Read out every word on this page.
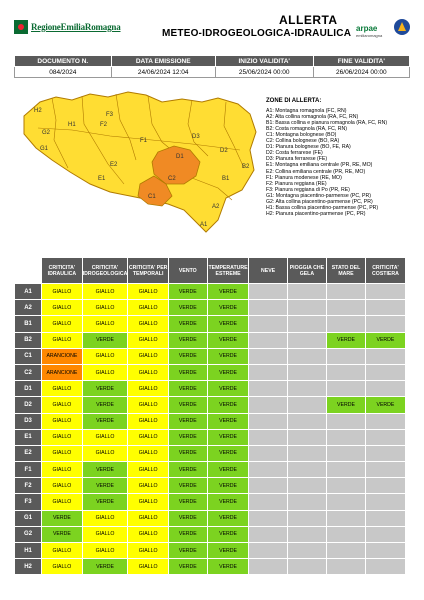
RegioneEmiliaRomagna	ALLERTA
METEO-IDROGEOLOGICA-IDRAULICA arpae
emiliaromagna
DOCUMENTO N.	DATA EMISSIONE	INIZIO VALIDITA'	FINE VALIDITA'
084/2024	24/06/2024 12:04	25/06/2024 00:00	26/06/2024 00:00
H2
H1
G2
G1
F1
F2
F3
E1
E2
D1
D2
D3
C1
C2	B1
B2
A1
A2
ZONE DI ALLERTA:
A1: Montagna romagnola (FC, RN)
A2: Alta collina romagnola (RA, FC, RN)
B1: Bassa collina e pianura romagnola (RA, FC, RN)
B2: Costa romagnola (RA, FC, RN)
C1: Montagna bolognese (BO)
C2: Collina bolognese (BO, RA)
D1: Pianura bolognese (BO, FE, RA)
D2: Costa ferrarese (FE)
D3: Pianura ferrarese (FE)
E1: Montagna emiliana centrale (PR, RE, MO)
E2: Collina emiliana centrale (PR, RE, MO)
F1: Pianura modenese (RE, MO)
F2: Pianura reggiana (RE)
F3: Pianura reggiana di Po (PR, RE)
G1: Montagna piacentino-parmense (PC, PR)
G2: Alta collina piacentino-parmense (PC, PR)
H1: Bassa collina piacentino-parmense (PC, PR)
H2: Pianura piacentino-parmense (PC, PR)
	CRITICITA' IDRAULICA	CRITICITA' IDROGEOLOGICA	CRITICITA' PER TEMPORALI	VENTO	TEMPERATURE ESTREME	NEVE	PIOGGIA CHE GELA	STATO DEL MARE	CRITICITA' COSTIERA
A1	GIALLO	GIALLO	GIALLO	VERDE	VERDE				
A2	GIALLO	GIALLO	GIALLO	VERDE	VERDE				
B1	GIALLO	GIALLO	GIALLO	VERDE	VERDE				
B2	GIALLO	VERDE	GIALLO	VERDE	VERDE			VERDE	VERDE
C1	ARANCIONE	GIALLO	GIALLO	VERDE	VERDE				
C2	ARANCIONE	GIALLO	GIALLO	VERDE	VERDE				
D1	GIALLO	VERDE	GIALLO	VERDE	VERDE				
D2	GIALLO	VERDE	GIALLO	VERDE	VERDE			VERDE	VERDE
D3	GIALLO	VERDE	GIALLO	VERDE	VERDE				
E1	GIALLO	GIALLO	GIALLO	VERDE	VERDE				
E2	GIALLO	GIALLO	GIALLO	VERDE	VERDE				
F1	GIALLO	VERDE	GIALLO	VERDE	VERDE				
F2	GIALLO	VERDE	GIALLO	VERDE	VERDE				
F3	GIALLO	VERDE	GIALLO	VERDE	VERDE				
G1	VERDE	GIALLO	GIALLO	VERDE	VERDE				
G2	VERDE	GIALLO	GIALLO	VERDE	VERDE				
H1	GIALLO	GIALLO	GIALLO	VERDE	VERDE				
H2	GIALLO	VERDE	GIALLO	VERDE	VERDE				
